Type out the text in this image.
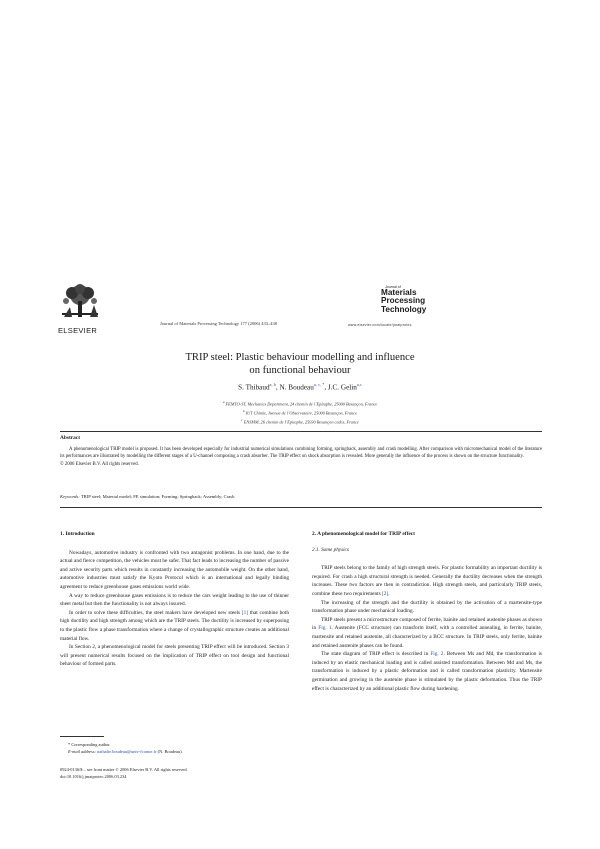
ELSEVIER
Journal of Materials Processing Technology 177 (2006) 433–438
Journal of
Materials
Processing
Technology
www.elsevier.com/locate/jmatprotec
TRIP steel: Plastic behaviour modelling and influence
on functional behaviour
S. Thibaud$^{a, b}$, N. Boudeau$^{a, c, *}$, J.C. Gelin$^{a,c}$
$^a$ FEMTO-ST, Mechanics Department, 24 chemin de l’Epitaphe, 25000 Besançon, France
$^b$ IUT Chimie, Avenue de l’Observatoire, 25000 Besançon, France
$^c$ ENSMM, 26 chemin de l’Epitaphe, 25030 Besançon cedex, France
Abstract

A phenomenological TRIP model is proposed. It has been developed especially for industrial numerical simulations combining forming, springback, assembly and crash modelling. After comparison with micromechanical model of the literature its performances are illustrated by modelling the different stages of a U-channel composing a crash absorber. The TRIP effect on shock absorption is revealed. More generally the influence of the process is shown on the structure functionality.

© 2006 Elsevier B.V. All rights reserved.
Keywords: TRIP steel; Material model; FE simulation; Forming; Springback; Assembly; Crash

1. Introduction

Nowadays, automotive industry is confronted with two antagonist problems. In one hand, due to the actual and fierce competition, the vehicles must be safer. That fact leads to increasing the number of passive and active security parts which results in constantly increasing the automobile weight. On the other hand, automotive industries must satisfy the Kyoto Protocol which is an international and legally binding agreement to reduce greenhouse gases emissions world wide.

A way to reduce greenhouse gases emissions is to reduce the cars weight leading to the use of thinner sheet metal but then the functionality is not always insured.

In order to solve these difficulties, the steel makers have developed new steels [1] that combine both high ductility and high strength among which are the TRIP steels. The ductility is increased by superposing to the plastic flow a phase transformation where a change of crystallographic structure creates an additional material flow.

In Section 2, a phenomenological model for steels presenting TRIP effect will be introduced. Section 3 will present numerical results focused on the implication of TRIP effect on tool design and functional behaviour of formed parts.

* Corresponding author.
E-mail address: nathalie.boudeau@univ-fcomte.fr (N. Boudeau).
0924-0136/$ – see front matter © 2006 Elsevier B.V. All rights reserved.
doi:10.1016/j.jmatprotec.2006.03.234

2. A phenomenological model for TRIP effect

2.1. Some physics

TRIP steels belong to the family of high strength steels. For plastic formability an important ductility is required. For crash a high structural strength is needed. Generally the ductility decreases when the strength increases. These two factors are then in contradiction. High strength steels, and particularly TRIP steels, combine these two requirements [2].

The increasing of the strength and the ductility is obtained by the activation of a martensite-type transformation phase under mechanical loading.

TRIP steels present a microstructure composed of ferrite, bainite and retained austenite phases as shown in Fig. 1. Austenite (FCC structure) can transform itself, with a controlled annealing, in ferrite, bainite, martensite and retained austenite, all characterized by a BCC structure. In TRIP steels, only ferrite, bainite and retained austenite phases can be found.

The state diagram of TRIP effect is described in Fig. 2. Between Ms and Md, the transformation is induced by an elastic mechanical loading and is called assisted transformation. Between Md and Ms, the transformation is induced by a plastic deformation and is called transformation plasticity. Martensite germination and growing in the austenite phase is stimulated by the plastic deformation. Thus the TRIP effect is characterized by an additional plastic flow during hardening.
